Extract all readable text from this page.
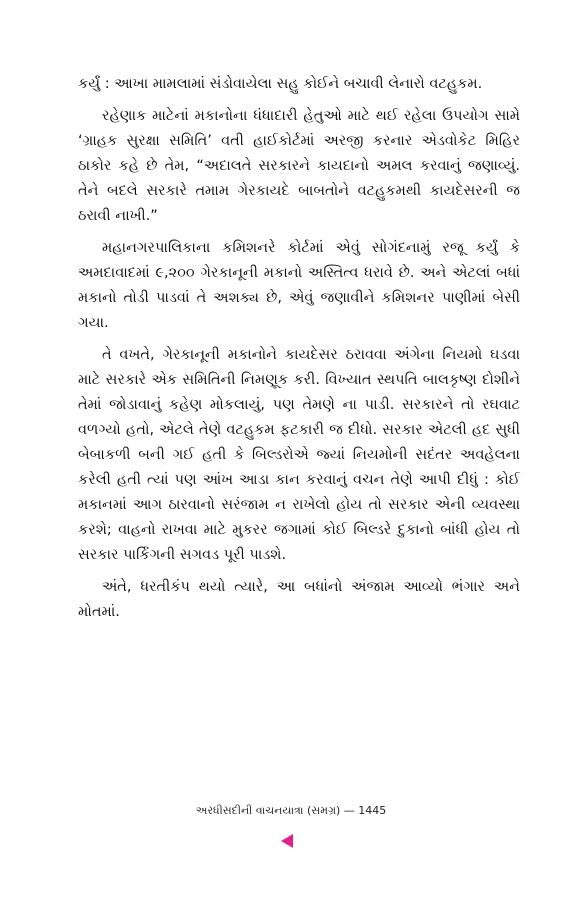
કર્યું : આખા મામલામાં સંડોવાયેલા સહુ કોઈને બચાવી લેનારો વટહુકમ.

રહેણાક માટેનાં મકાનોના ધંધાદારી હેતુઓ માટે થઈ રહેલા ઉપયોગ સામે ‘ગ્રાહક સુરક્ષા સમિતિ’ વતી હાઈકોર્ટમાં અરજી કરનાર એડવોકેટ મિહિર ઠાકોર કહે છે તેમ, “અદાલતે સરકારને કાયદાનો અમલ કરવાનું જણાવ્યું. તેને બદલે સરકારે તમામ ગેરકાયદે બાબતોને વટહુકમથી કાયદેસરની જ ઠરાવી નાખી.”

મહાનગરપાલિકાના કમિશનરે કોર્ટમાં એવું સોગંદનામું રજૂ કર્યું કે અમદાવાદમાં ૯,૨૦૦ ગેરકાનૂની મકાનો અસ્તિત્વ ધરાવે છે. અને એટલાં બધાં મકાનો તોડી પાડવાં તે અશક્ય છે, એવું જણાવીને કમિશનર પાણીમાં બેસી ગયા.

તે વખતે, ગેરકાનૂની મકાનોને કાયદેસર ઠરાવવા અંગેના નિયમો ઘડવા માટે સરકારે એક સમિતિની નિમણૂક કરી. વિખ્યાત સ્થપતિ બાલકૃષ્ણ દોશીને તેમાં જોડાવાનું કહેણ મોકલાયું, પણ તેમણે ના પાડી. સરકારને તો રઘવાટ વળગ્યો હતો, એટલે તેણે વટહુકમ ફટકારી જ દીધો. સરકાર એટલી હદ સુધી બેબાકળી બની ગઈ હતી કે બિલ્ડરોએ જ્યાં નિયમોની સદંતર અવહેલના કરેલી હતી ત્યાં પણ આંખ આડા કાન કરવાનું વચન તેણે આપી દીધું : કોઈ મકાનમાં આગ ઠારવાનો સરંજામ ન રાખેલો હોય તો સરકાર એની વ્યવસ્થા કરશે; વાહનો રાખવા માટે મુકરર જગામાં કોઈ બિલ્ડરે દુકાનો બાંધી હોય તો સરકાર પાર્કિંગની સગવડ પૂરી પાડશે.

અંતે, ધરતીકંપ થયો ત્યારે, આ બધાંનો અંજામ આવ્યો ભંગાર અને મોતમાં.

અરધીસદીની વાચનયાત્રા (સમગ્ર) — 1445
